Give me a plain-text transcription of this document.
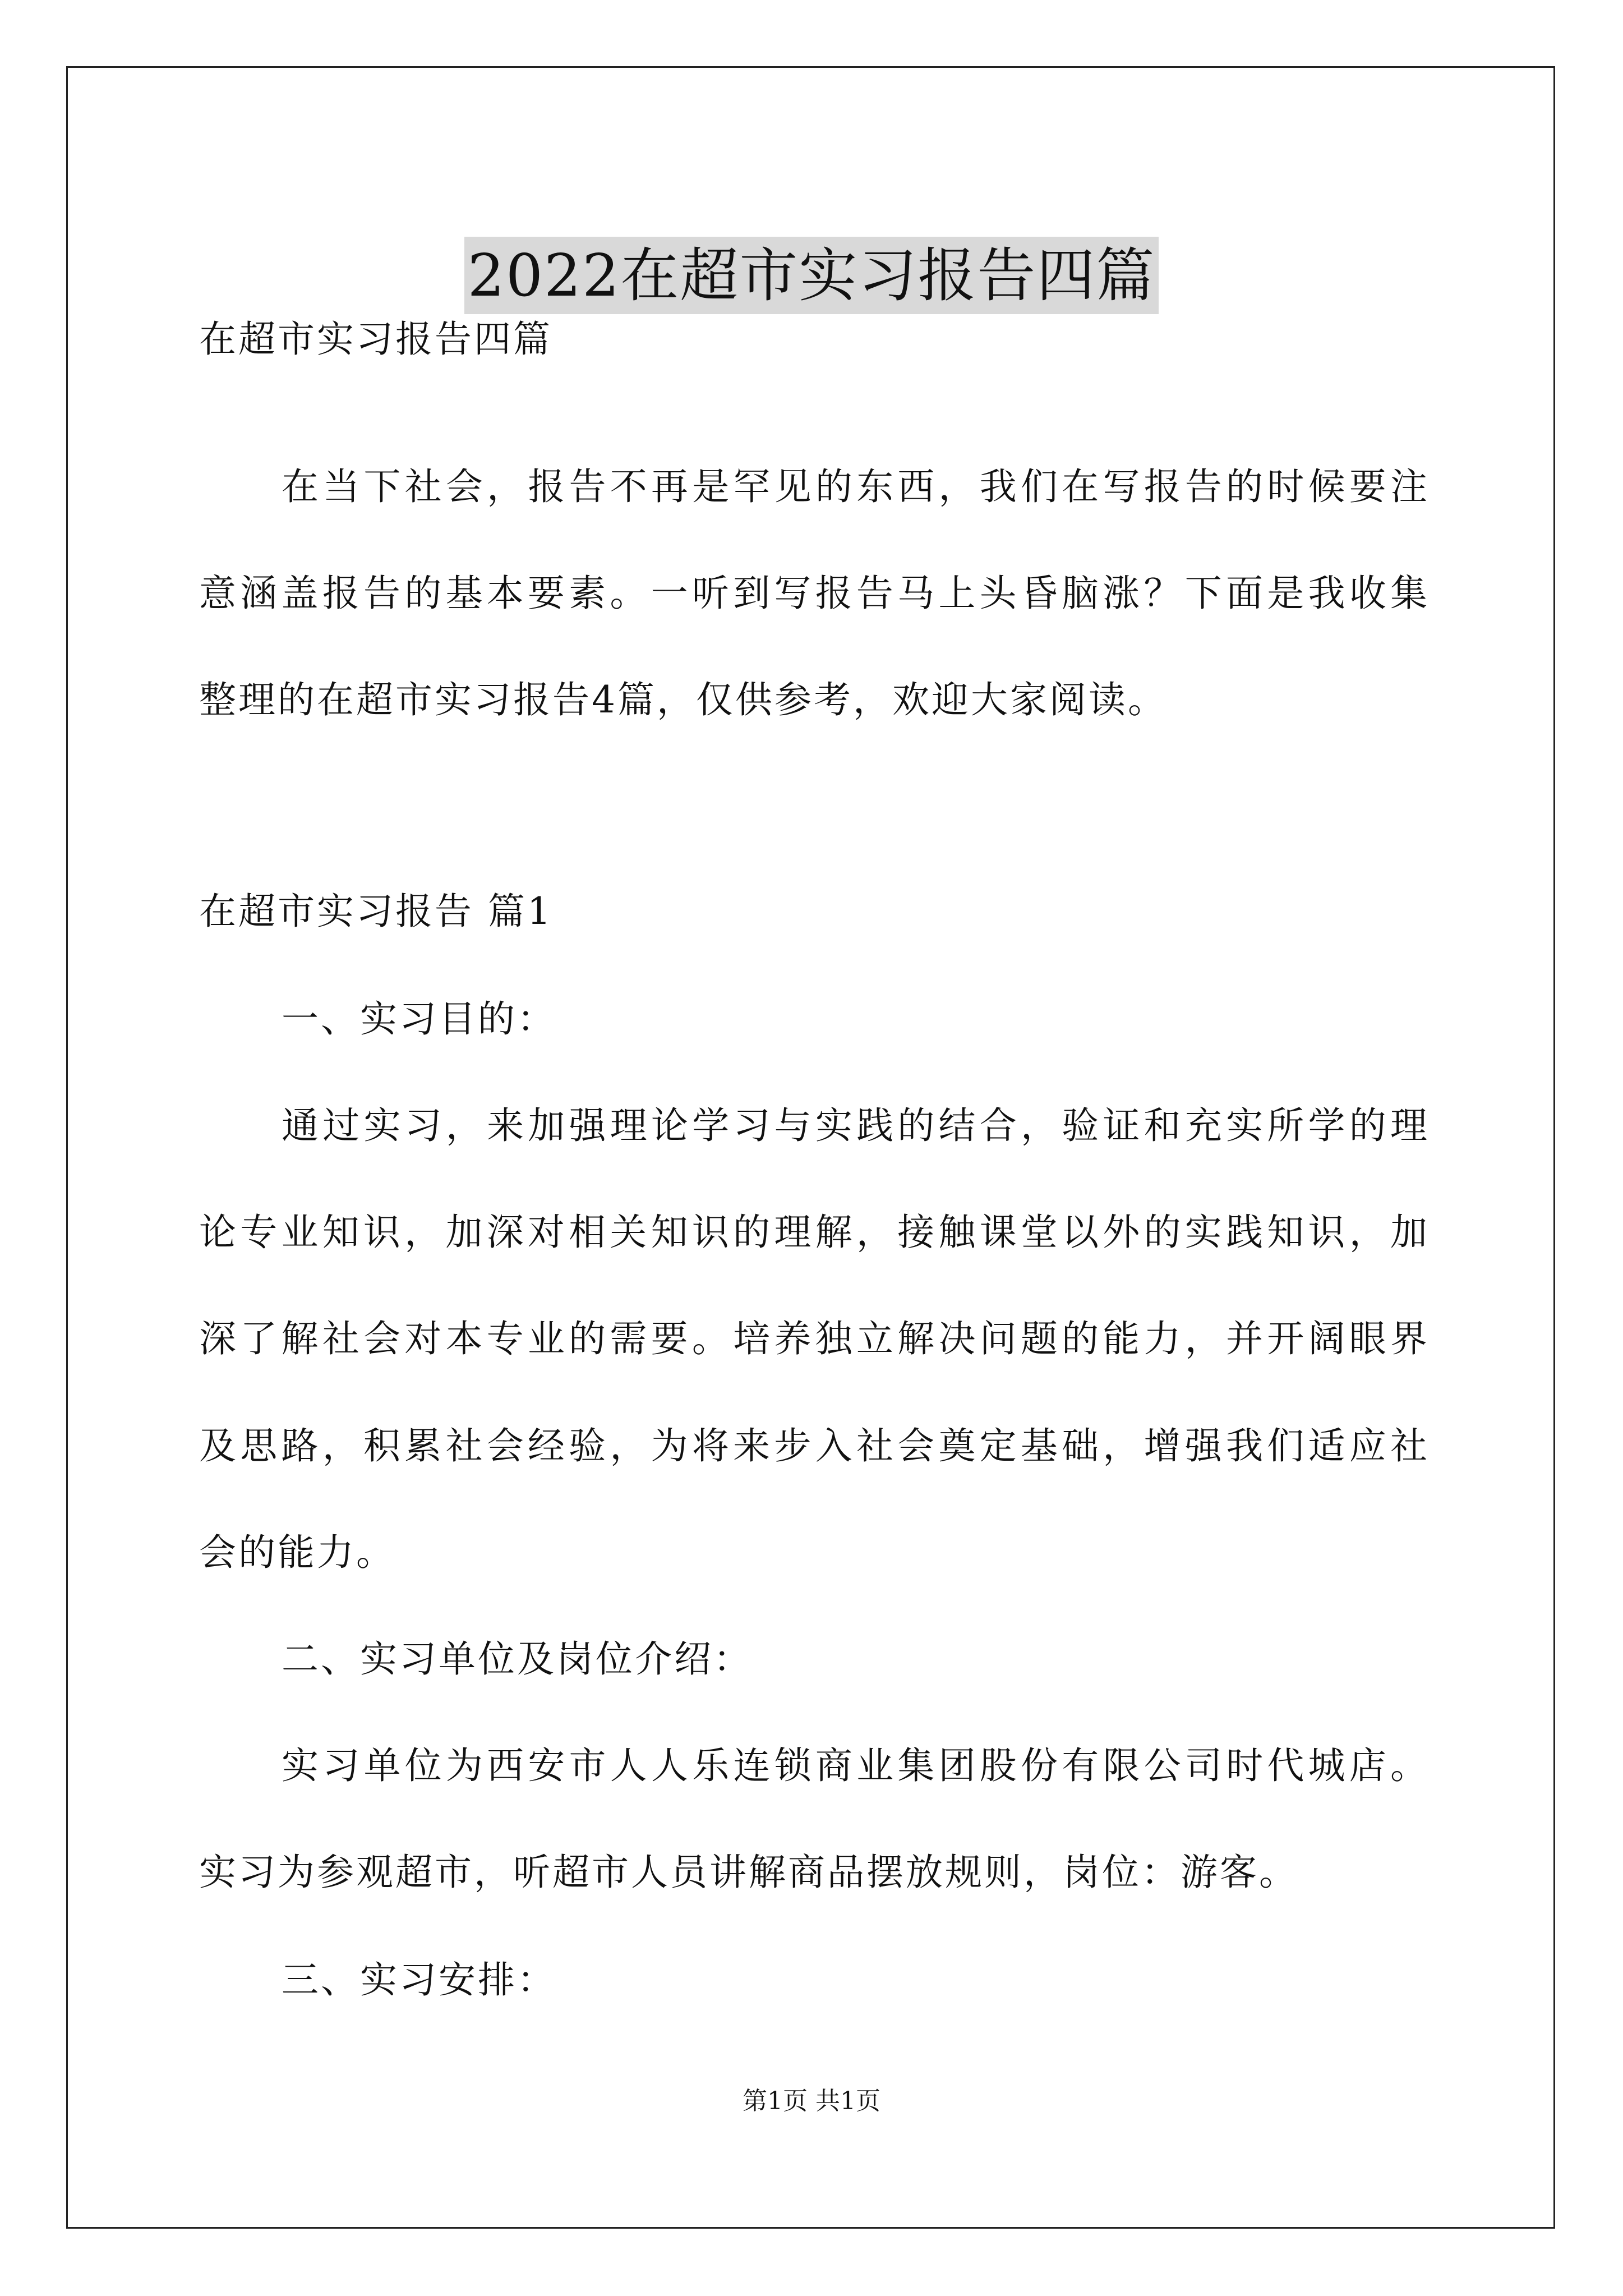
2022在超市实习报告四篇

在超市实习报告四篇

在当下社会，报告不再是罕见的东西，我们在写报告的时候要注

意涵盖报告的基本要素。一听到写报告马上头昏脑涨？下面是我收集

整理的在超市实习报告4篇，仅供参考，欢迎大家阅读。

在超市实习报告 篇1

一、实习目的：

通过实习，来加强理论学习与实践的结合，验证和充实所学的理

论专业知识，加深对相关知识的理解，接触课堂以外的实践知识，加

深了解社会对本专业的需要。培养独立解决问题的能力，并开阔眼界

及思路，积累社会经验，为将来步入社会奠定基础，增强我们适应社

会的能力。

二、实习单位及岗位介绍：

实习单位为西安市人人乐连锁商业集团股份有限公司时代城店。

实习为参观超市，听超市人员讲解商品摆放规则，岗位：游客。

三、实习安排：

第1页 共1页
